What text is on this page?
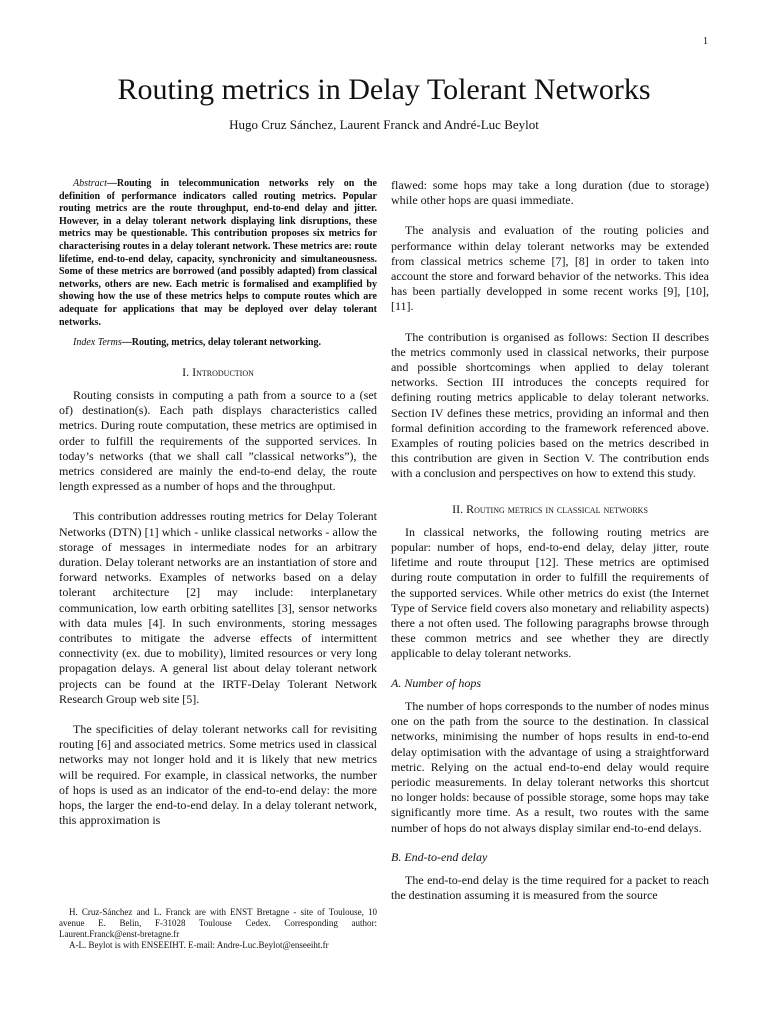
1
Routing metrics in Delay Tolerant Networks
Hugo Cruz Sánchez, Laurent Franck and André-Luc Beylot

Abstract—Routing in telecommunication networks rely on the definition of performance indicators called routing metrics. Popular routing metrics are the route throughput, end-to-end delay and jitter. However, in a delay tolerant network displaying link disruptions, these metrics may be questionable. This contribution proposes six metrics for characterising routes in a delay tolerant network. These metrics are: route lifetime, end-to-end delay, capacity, synchronicity and simultaneousness. Some of these metrics are borrowed (and possibly adapted) from classical networks, others are new. Each metric is formalised and examplified by showing how the use of these metrics helps to compute routes which are adequate for applications that may be deployed over delay tolerant networks.

Index Terms—Routing, metrics, delay tolerant networking.

I. Introduction

Routing consists in computing a path from a source to a (set of) destination(s). Each path displays characteristics called metrics. During route computation, these metrics are optimised in order to fulfill the requirements of the supported services. In today’s networks (that we shall call ”classical networks”), the metrics considered are mainly the end-to-end delay, the route length expressed as a number of hops and the throughput.

This contribution addresses routing metrics for Delay Tolerant Networks (DTN) [1] which - unlike classical networks - allow the storage of messages in intermediate nodes for an arbitrary duration. Delay tolerant networks are an instantiation of store and forward networks. Examples of networks based on a delay tolerant architecture [2] may include: interplanetary communication, low earth orbiting satellites [3], sensor networks with data mules [4]. In such environments, storing messages contributes to mitigate the adverse effects of intermittent connectivity (ex. due to mobility), limited resources or very long propagation delays. A general list about delay tolerant network projects can be found at the IRTF-Delay Tolerant Network Research Group web site [5].

The specificities of delay tolerant networks call for revisiting routing [6] and associated metrics. Some metrics used in classical networks may not longer hold and it is likely that new metrics will be required. For example, in classical networks, the number of hops is used as an indicator of the end-to-end delay: the more hops, the larger the end-to-end delay. In a delay tolerant network, this approximation is

H. Cruz-Sánchez and L. Franck are with ENST Bretagne - site of Toulouse, 10 avenue E. Belin, F-31028 Toulouse Cedex. Corresponding author: Laurent.Franck@enst-bretagne.fr

A-L. Beylot is with ENSEEIHT. E-mail: Andre-Luc.Beylot@enseeiht.fr

flawed: some hops may take a long duration (due to storage) while other hops are quasi immediate.

The analysis and evaluation of the routing policies and performance within delay tolerant networks may be extended from classical metrics scheme [7], [8] in order to taken into account the store and forward behavior of the networks. This idea has been partially developped in some recent works [9], [10], [11].

The contribution is organised as follows: Section II describes the metrics commonly used in classical networks, their purpose and possible shortcomings when applied to delay tolerant networks. Section III introduces the concepts required for defining routing metrics applicable to delay tolerant networks. Section IV defines these metrics, providing an informal and then formal definition according to the framework referenced above. Examples of routing policies based on the metrics described in this contribution are given in Section V. The contribution ends with a conclusion and perspectives on how to extend this study.

II. Routing metrics in classical networks

In classical networks, the following routing metrics are popular: number of hops, end-to-end delay, delay jitter, route lifetime and route throuput [12]. These metrics are optimised during route computation in order to fulfill the requirements of the supported services. While other metrics do exist (the Internet Type of Service field covers also monetary and reliability aspects) there a not often used. The following paragraphs browse through these common metrics and see whether they are directly applicable to delay tolerant networks.

A. Number of hops

The number of hops corresponds to the number of nodes minus one on the path from the source to the destination. In classical networks, minimising the number of hops results in end-to-end delay optimisation with the advantage of using a straightforward metric. Relying on the actual end-to-end delay would require periodic measurements. In delay tolerant networks this shortcut no longer holds: because of possible storage, some hops may take significantly more time. As a result, two routes with the same number of hops do not always display similar end-to-end delays.

B. End-to-end delay

The end-to-end delay is the time required for a packet to reach the destination assuming it is measured from the source
